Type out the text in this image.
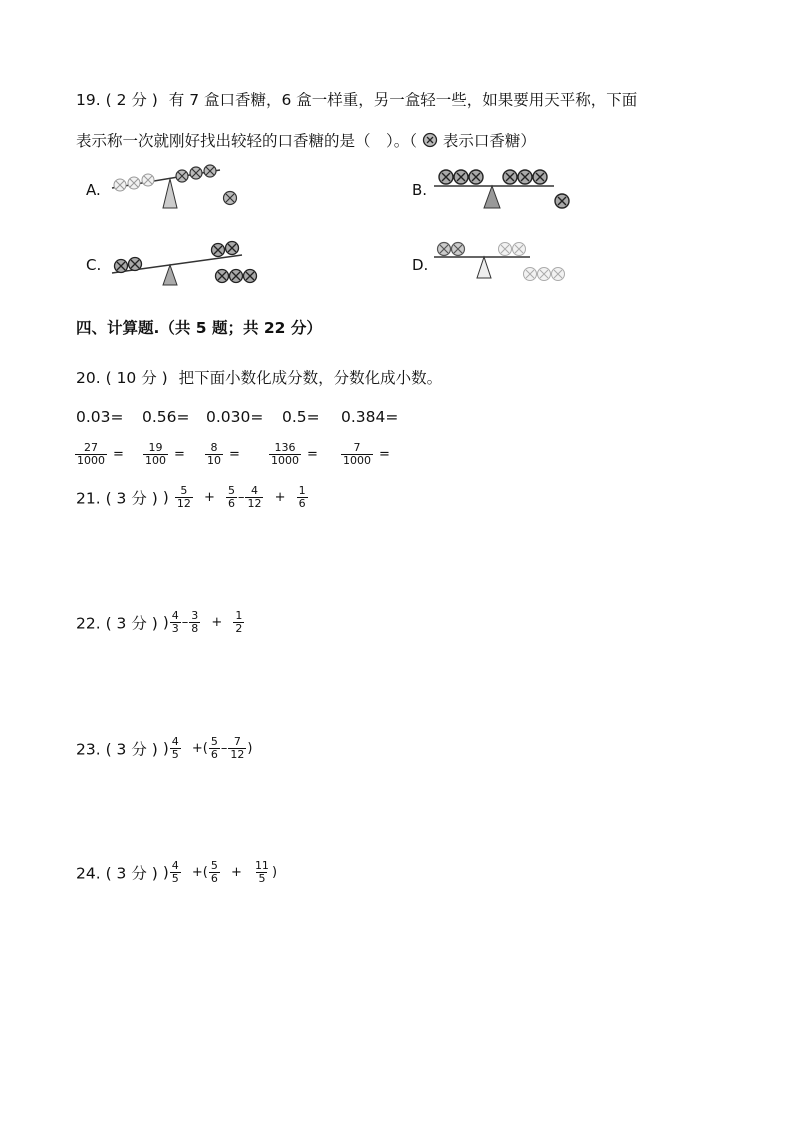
19. ( 2 分 ) 有 7 盒口香糖，6 盒一样重，另一盒轻一些，如果要用天平称，下面
表示称一次就刚好找出较轻的口香糖的是（　）。（ 表示口香糖）
A.	B.
C.	D.
四、计算题.（共 5 题；共 22 分）
20. ( 10 分 ) 把下面小数化成分数，分数化成小数。
0.03= 0.56= 0.030= 0.5= 0.384=
$\frac{27}{1000}$ =	$\frac{19}{100}$ =	$\frac{8}{10}$ =	$\frac{136}{1000}$ =	$\frac{7}{1000}$ =
21. ( 3 分 ) ) $\frac{5}{12} + \frac{5}{6} - \frac{4}{12} + \frac{1}{6}$
22. ( 3 分 ) ) $\frac{4}{3} - \frac{3}{8} + \frac{1}{2}$
23. ( 3 分 ) ) $\frac{4}{5}$ +( $\frac{5}{6} - \frac{7}{12}$ )
24. ( 3 分 ) ) $\frac{4}{5}$ +( $\frac{5}{6} + \frac{11}{5}$ )
